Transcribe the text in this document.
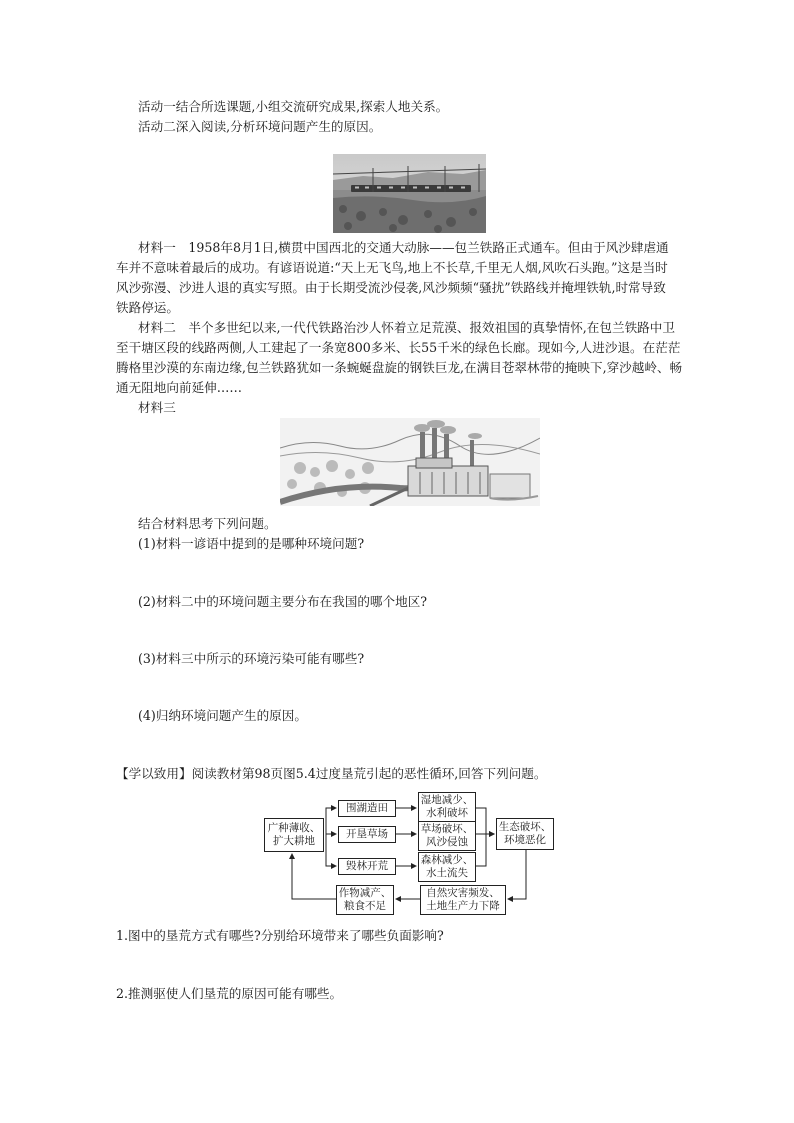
活动一结合所选课题,小组交流研究成果,探索人地关系。
活动二深入阅读,分析环境问题产生的原因。
材料一　1958年8月1日,横贯中国西北的交通大动脉——包兰铁路正式通车。但由于风沙肆虐通
车并不意味着最后的成功。有谚语说道:“天上无飞鸟,地上不长草,千里无人烟,风吹石头跑。”这是当时
风沙弥漫、沙进人退的真实写照。由于长期受流沙侵袭,风沙频频“骚扰”铁路线并掩埋铁轨,时常导致
铁路停运。
材料二　半个多世纪以来,一代代铁路治沙人怀着立足荒漠、报效祖国的真挚情怀,在包兰铁路中卫
至干塘区段的线路两侧,人工建起了一条宽800多米、长55千米的绿色长廊。现如今,人进沙退。在茫茫
腾格里沙漠的东南边缘,包兰铁路犹如一条蜿蜒盘旋的钢铁巨龙,在满目苍翠林带的掩映下,穿沙越岭、畅
通无阻地向前延伸……
材料三
结合材料思考下列问题。
(1)材料一谚语中提到的是哪种环境问题?
(2)材料二中的环境问题主要分布在我国的哪个地区?
(3)材料三中所示的环境污染可能有哪些?
(4)归纳环境问题产生的原因。
【学以致用】阅读教材第98页图5.4过度垦荒引起的恶性循环,回答下列问题。
广种薄收、
扩大耕地
围湖造田
开垦草场
毁林开荒
湿地减少、
水利破坏
草场破坏、
风沙侵蚀
森林减少、
水土流失
生态破坏、
环境恶化
自然灾害频发、
土地生产力下降
作物减产、
粮食不足
1.图中的垦荒方式有哪些?分别给环境带来了哪些负面影响?
2.推测驱使人们垦荒的原因可能有哪些。
